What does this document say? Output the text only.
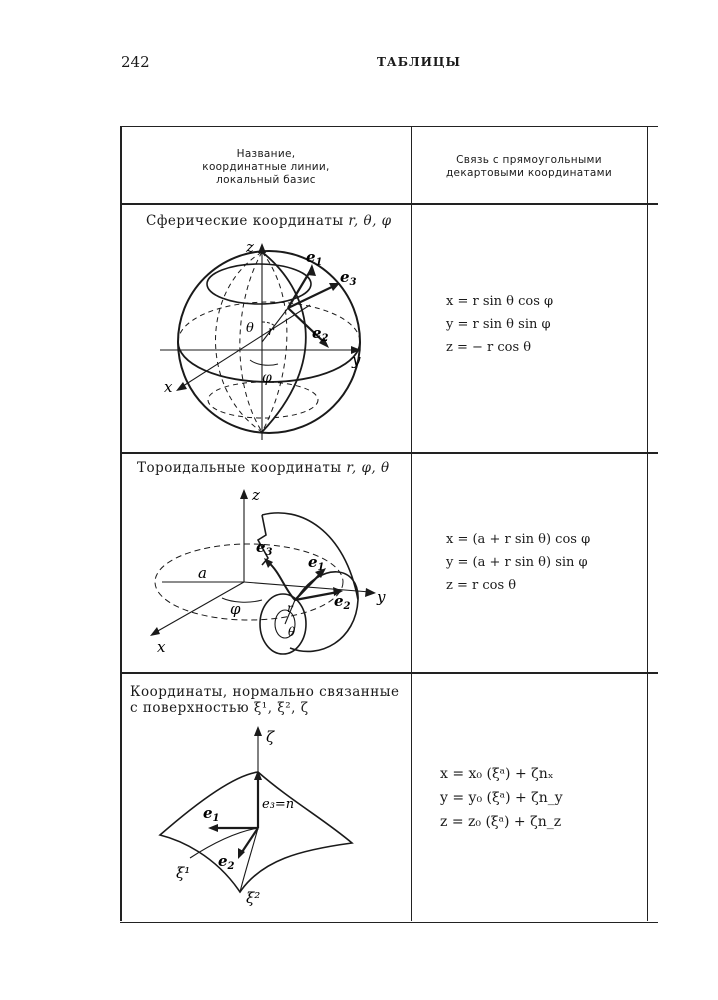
242	ТАБЛИЦЫ
Название,
координатные линии,
локальный базис
Связь с прямоугольными
декартовыми координатами
Сферические координаты r, θ, φ
z
y
x
θ
φ
r
$e_1$
$e_3$
$e_2$
x = r sin θ cos φ
y = r sin θ sin φ
z = − r cos θ
Тороидальные координаты r, φ, θ
z
y
x
a
φ
θ
r
$e_3$
$e_1$
$e_2$
x = (a + r sin θ) cos φ
y = (a + r sin θ) sin φ
z = r cos θ
Координаты, нормально связанные
с поверхностью ξ¹, ξ², ζ
ζ
e₃=n
$e_1$
$e_2$
ξ¹
ξ²
x = x₀ (ξᵃ) + ζnₓ
y = y₀ (ξᵃ) + ζn_y
z = z₀ (ξᵃ) + ζn_z
